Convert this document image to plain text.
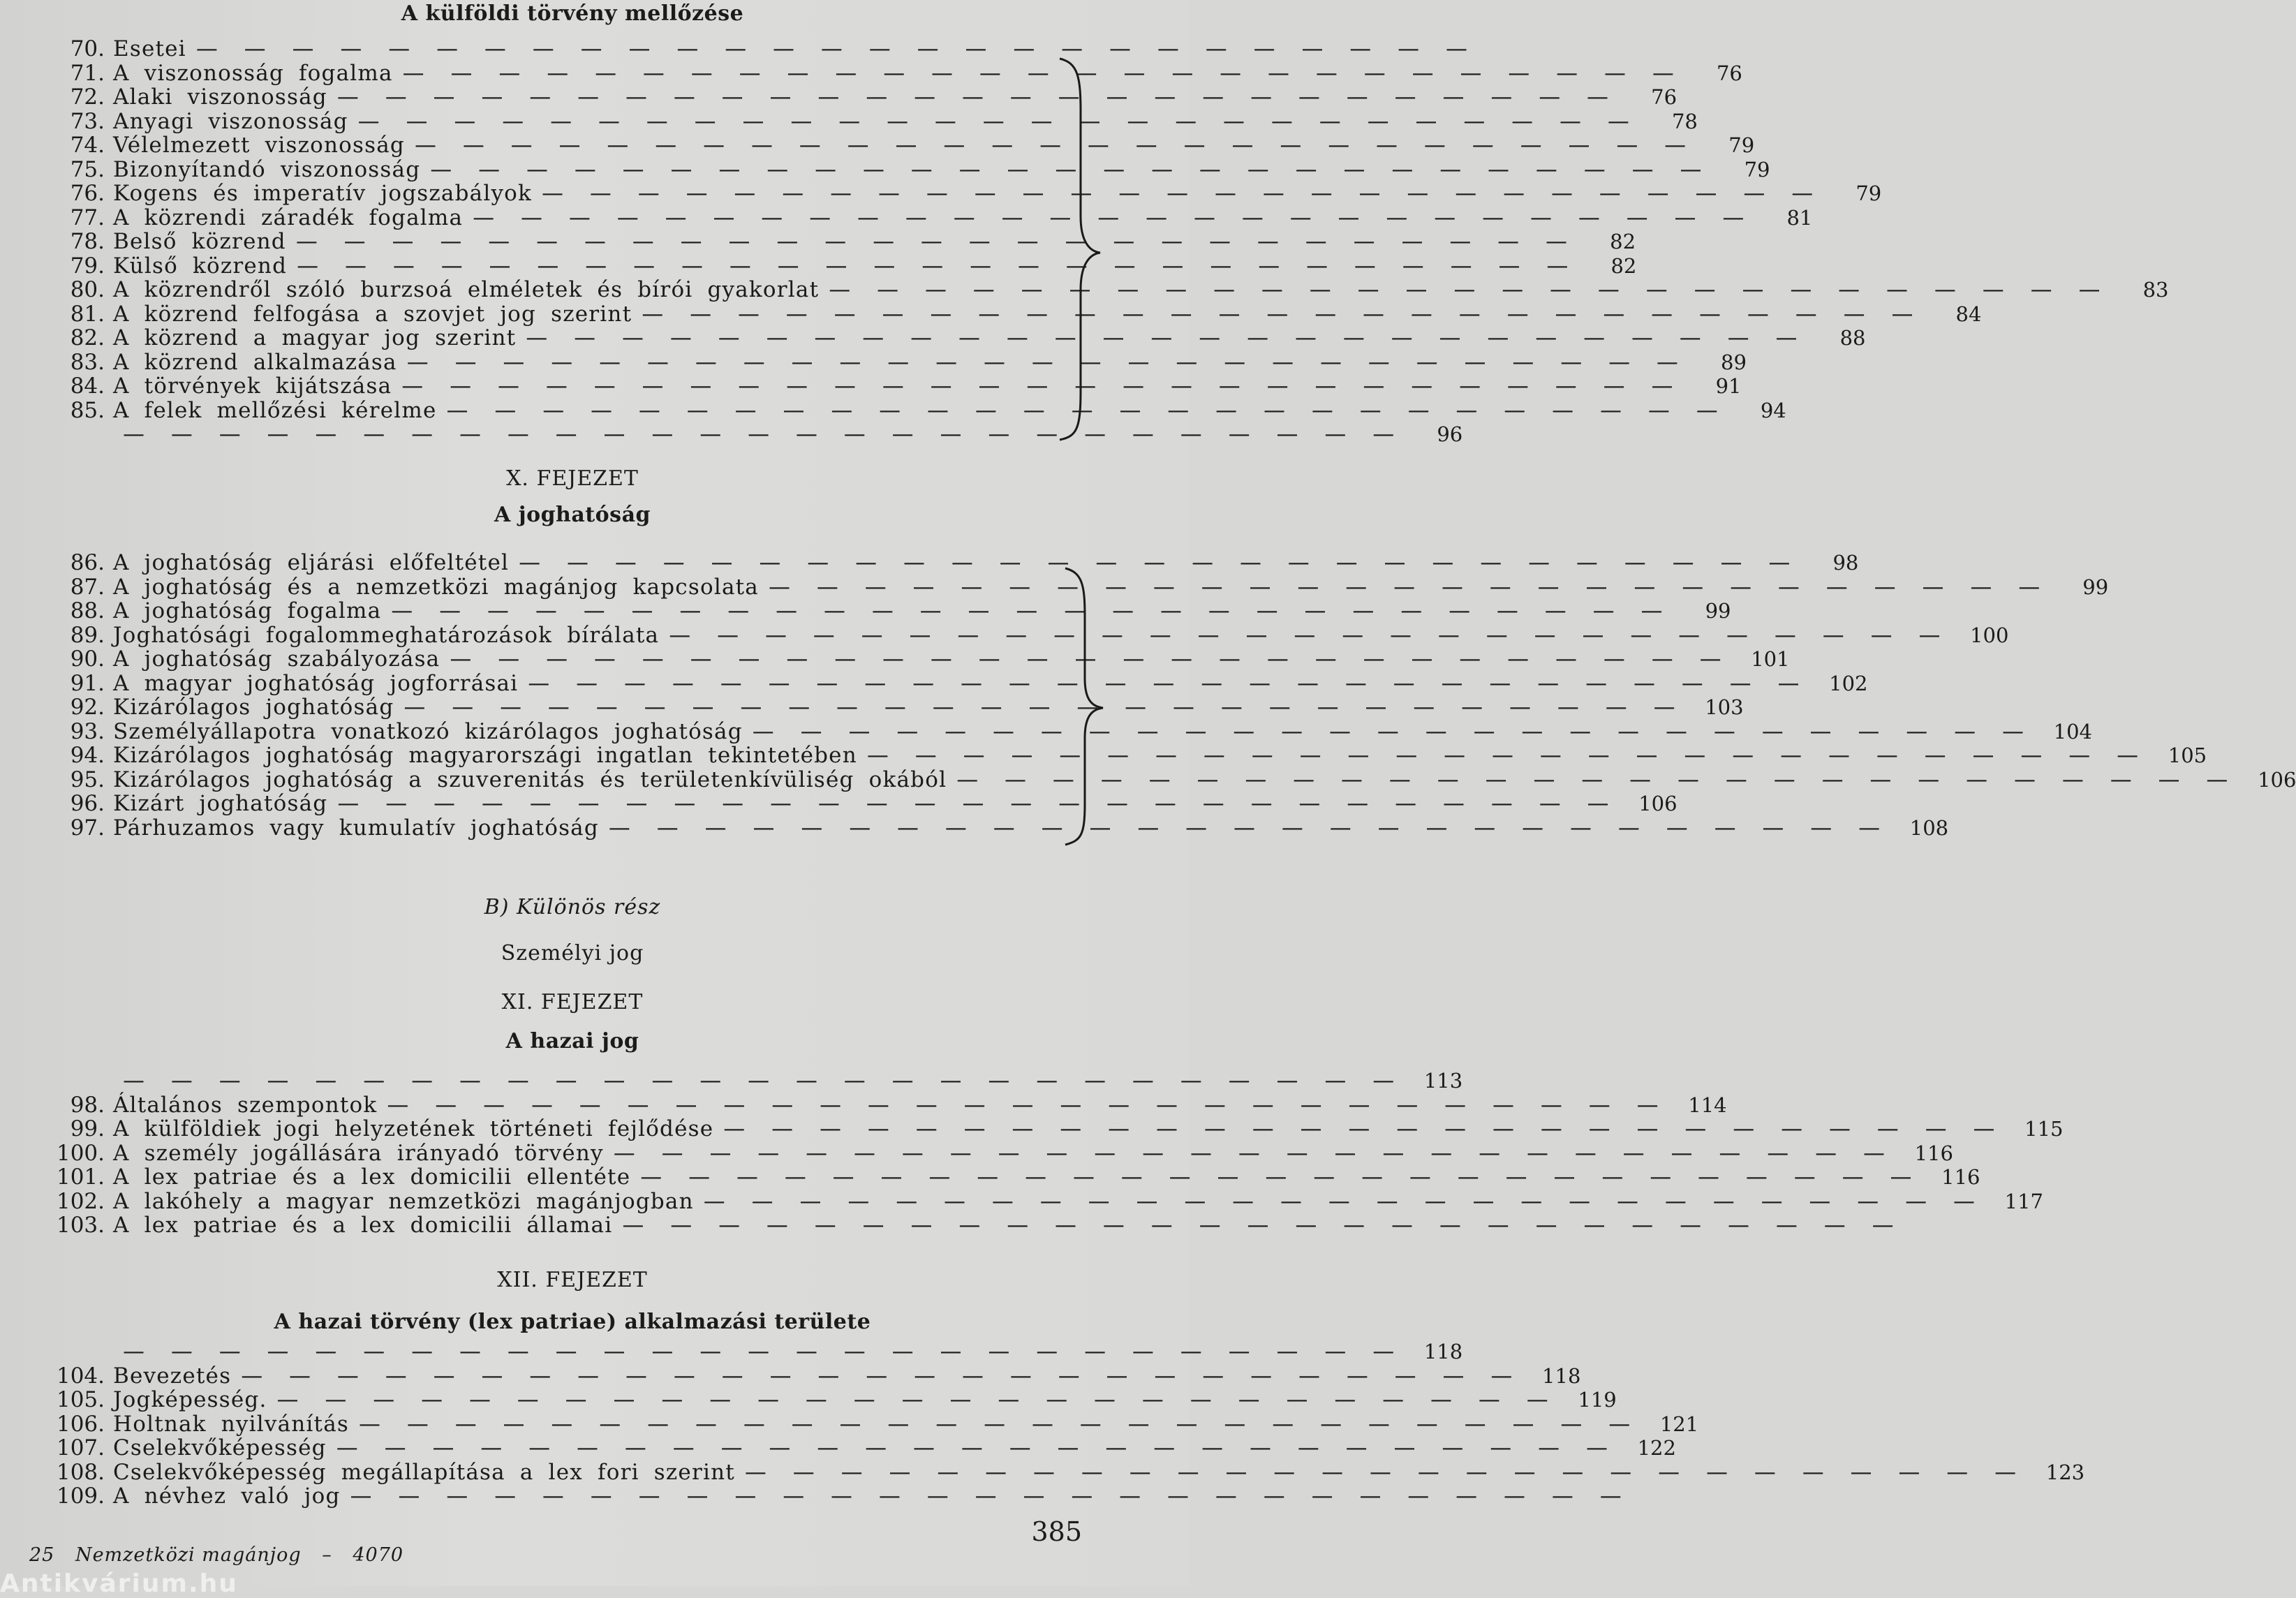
A külföldi törvény mellőzése
70. Esetei — — — — — — — — — — — — — — — — — — — — — — — — — — —
71. A viszonosság fogalma — — — — — — — — — — — — — — — — — — — — — — — — — — —	76
72. Alaki viszonosság — — — — — — — — — — — — — — — — — — — — — — — — — — —	76
73. Anyagi viszonosság — — — — — — — — — — — — — — — — — — — — — — — — — — —	78
74. Vélelmezett viszonosság — — — — — — — — — — — — — — — — — — — — — — — — — — —	79
75. Bizonyítandó viszonosság — — — — — — — — — — — — — — — — — — — — — — — — — — —	79
76. Kogens és imperatív jogszabályok — — — — — — — — — — — — — — — — — — — — — — — — — — —	79
77. A közrendi záradék fogalma — — — — — — — — — — — — — — — — — — — — — — — — — — —	81
78. Belső közrend — — — — — — — — — — — — — — — — — — — — — — — — — — —	82
79. Külső közrend — — — — — — — — — — — — — — — — — — — — — — — — — — —	82
80. A közrendről szóló burzsoá elméletek és bírói gyakorlat — — — — — — — — — — — — — — — — — — — — — — — — — — —	83
81. A közrend felfogása a szovjet jog szerint — — — — — — — — — — — — — — — — — — — — — — — — — — —	84
82. A közrend a magyar jog szerint — — — — — — — — — — — — — — — — — — — — — — — — — — —	88
83. A közrend alkalmazása — — — — — — — — — — — — — — — — — — — — — — — — — — —	89
84. A törvények kijátszása — — — — — — — — — — — — — — — — — — — — — — — — — — —	91
85. A felek mellőzési kérelme — — — — — — — — — — — — — — — — — — — — — — — — — — —	94
— — — — — — — — — — — — — — — — — — — — — — — — — — —	96
X. FEJEZET
A joghatóság
86. A joghatóság eljárási előfeltétel — — — — — — — — — — — — — — — — — — — — — — — — — — —	98
87. A joghatóság és a nemzetközi magánjog kapcsolata — — — — — — — — — — — — — — — — — — — — — — — — — — —	99
88. A joghatóság fogalma — — — — — — — — — — — — — — — — — — — — — — — — — — —	99
89. Joghatósági fogalommeghatározások bírálata — — — — — — — — — — — — — — — — — — — — — — — — — — — 100
90. A joghatóság szabályozása — — — — — — — — — — — — — — — — — — — — — — — — — — — 101
91. A magyar joghatóság jogforrásai — — — — — — — — — — — — — — — — — — — — — — — — — — — 102
92. Kizárólagos joghatóság — — — — — — — — — — — — — — — — — — — — — — — — — — — 103
93. Személyállapotra vonatkozó kizárólagos joghatóság — — — — — — — — — — — — — — — — — — — — — — — — — — — 104
94. Kizárólagos joghatóság magyarországi ingatlan tekintetében — — — — — — — — — — — — — — — — — — — — — — — — — — — 105
95. Kizárólagos joghatóság a szuverenitás és területenkívüliség okából — — — — — — — — — — — — — — — — — — — — — — — — — — — 106
96. Kizárt joghatóság — — — — — — — — — — — — — — — — — — — — — — — — — — — 106
97. Párhuzamos vagy kumulatív joghatóság — — — — — — — — — — — — — — — — — — — — — — — — — — — 108
B) Különös rész
Személyi jog
XI. FEJEZET
A hazai jog
— — — — — — — — — — — — — — — — — — — — — — — — — — — 113
98. Általános szempontok — — — — — — — — — — — — — — — — — — — — — — — — — — — 114
99. A külföldiek jogi helyzetének történeti fejlődése — — — — — — — — — — — — — — — — — — — — — — — — — — — 115
100. A személy jogállására irányadó törvény — — — — — — — — — — — — — — — — — — — — — — — — — — — 116
101. A lex patriae és a lex domicilii ellentéte — — — — — — — — — — — — — — — — — — — — — — — — — — — 116
102. A lakóhely a magyar nemzetközi magánjogban — — — — — — — — — — — — — — — — — — — — — — — — — — — 117
103. A lex patriae és a lex domicilii államai — — — — — — — — — — — — — — — — — — — — — — — — — — —
XII. FEJEZET
A hazai törvény (lex patriae) alkalmazási területe
— — — — — — — — — — — — — — — — — — — — — — — — — — — 118
104. Bevezetés — — — — — — — — — — — — — — — — — — — — — — — — — — — 118
105. Jogképesség. — — — — — — — — — — — — — — — — — — — — — — — — — — — 119
106. Holtnak nyilvánítás — — — — — — — — — — — — — — — — — — — — — — — — — — — 121
107. Cselekvőképesség — — — — — — — — — — — — — — — — — — — — — — — — — — — 122
108. Cselekvőképesség megállapítása a lex fori szerint — — — — — — — — — — — — — — — — — — — — — — — — — — — 123
109. A névhez való jog — — — — — — — — — — — — — — — — — — — — — — — — — — —
385
25 Nemzetközi magánjog – 4070
Antikvárium.hu
